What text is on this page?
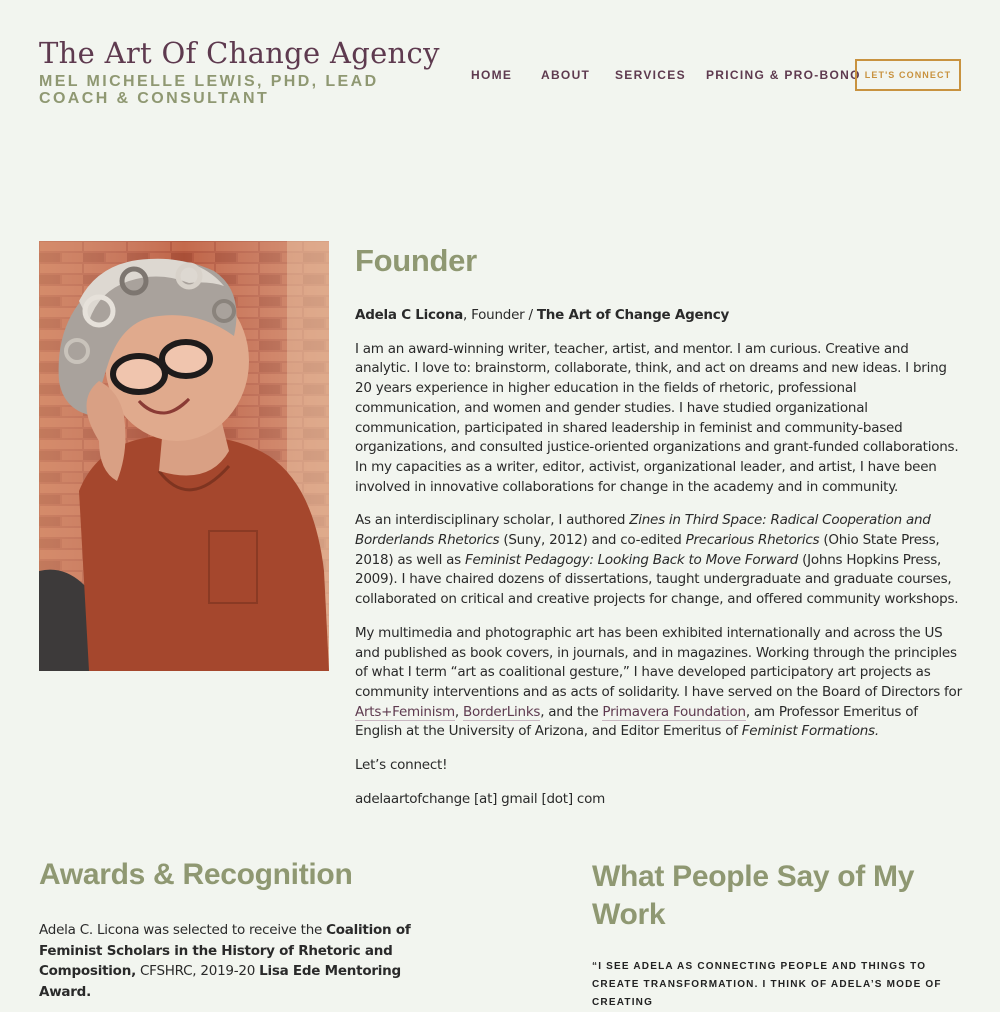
The Art Of Change Agency
MEL MICHELLE LEWIS, PHD, LEAD COACH & CONSULTANT
HOME ABOUT SERVICES PRICING & PRO-BONO LET'S CONNECT
Founder

Adela C Licona, Founder / The Art of Change Agency

I am an award-winning writer, teacher, artist, and mentor. I am curious. Creative and analytic. I love to: brainstorm, collaborate, think, and act on dreams and new ideas. I bring 20 years experience in higher education in the fields of rhetoric, professional communication, and women and gender studies. I have studied organizational communication, participated in shared leadership in feminist and community-based organizations, and consulted justice-oriented organizations and grant-funded collaborations. In my capacities as a writer, editor, activist, organizational leader, and artist, I have been involved in innovative collaborations for change in the academy and in community.

As an interdisciplinary scholar, I authored Zines in Third Space: Radical Cooperation and Borderlands Rhetorics (Suny, 2012) and co-edited Precarious Rhetorics (Ohio State Press, 2018) as well as Feminist Pedagogy: Looking Back to Move Forward (Johns Hopkins Press, 2009). I have chaired dozens of dissertations, taught undergraduate and graduate courses, collaborated on critical and creative projects for change, and offered community workshops.

My multimedia and photographic art has been exhibited internationally and across the US and published as book covers, in journals, and in magazines. Working through the principles of what I term “art as coalitional gesture,” I have developed participatory art projects as community interventions and as acts of solidarity. I have served on the Board of Directors for Arts+Feminism, BorderLinks, and the Primavera Foundation, am Professor Emeritus of English at the University of Arizona, and Editor Emeritus of Feminist Formations.

Let’s connect!

adelaartofchange [at] gmail [dot] com

Awards & Recognition
Adela C. Licona was selected to receive the Coalition of Feminist Scholars in the History of Rhetoric and Composition, CFSHRC, 2019-20 Lisa Ede Mentoring Award.
What People Say of My Work
“I SEE ADELA AS CONNECTING PEOPLE AND THINGS TO CREATE TRANSFORMATION. I THINK OF ADELA’S MODE OF CREATING
